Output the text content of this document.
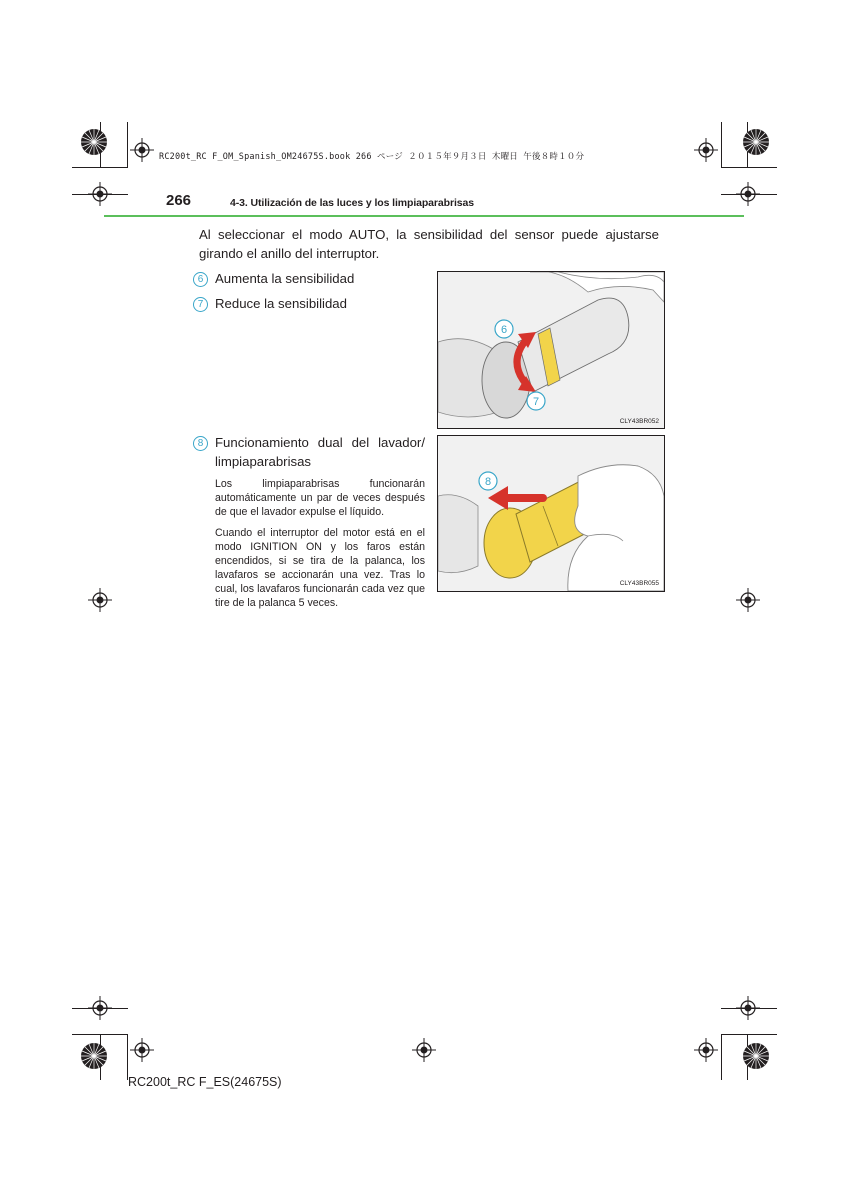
RC200t_RC F_OM_Spanish_OM24675S.book 266 ページ ２０１５年９月３日 木曜日 午後８時１０分
266	4-3. Utilización de las luces y los limpiaparabrisas
Al seleccionar el modo AUTO, la sensibilidad del sensor puede ajustarse girando el anillo del interruptor.
6 Aumenta la sensibilidad
7 Reduce la sensibilidad
6
7
CLY43BR052
8 Funcionamiento dual del lavador/ limpiaparabrisas
Los limpiaparabrisas funcionarán automáticamente un par de veces después de que el lavador expulse el líquido.
Cuando el interruptor del motor está en el modo IGNITION ON y los faros están encendidos, si se tira de la palanca, los lavafaros se accionarán una vez. Tras lo cual, los lavafaros funcionarán cada vez que tire de la palanca 5 veces.
8
CLY43BR055
RC200t_RC F_ES(24675S)
